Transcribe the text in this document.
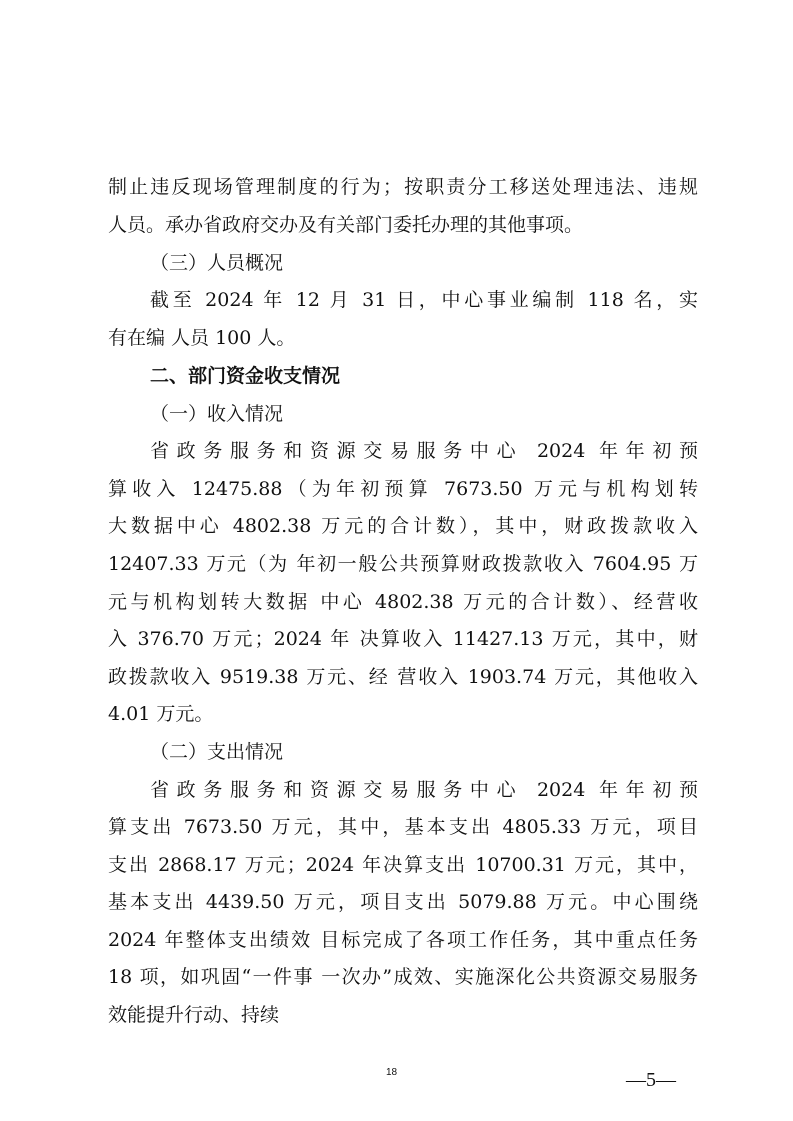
制止违反现场管理制度的行为；按职责分工移送处理违法、违规
人员。承办省政府交办及有关部门委托办理的其他事项。
（三）人员概况
截至 2024 年 12 月 31 日，中心事业编制 118 名，实
有在编 人员 100 人。
二、部门资金收支情况
（一）收入情况
省政务服务和资源交易服务中心 2024 年年初预
算收入 12475.88（为年初预算 7673.50 万元与机构划转
大数据中心 4802.38 万元的合计数），其中，财政拨款收入
12407.33 万元（为 年初一般公共预算财政拨款收入 7604.95 万
元与机构划转大数据 中心 4802.38 万元的合计数）、经营收
入 376.70 万元；2024 年 决算收入 11427.13 万元，其中，财
政拨款收入 9519.38 万元、经 营收入 1903.74 万元，其他收入
4.01 万元。
（二）支出情况
省政务服务和资源交易服务中心 2024 年年初预
算支出 7673.50 万元，其中，基本支出 4805.33 万元，项目
支出 2868.17 万元；2024 年决算支出 10700.31 万元，其中，
基本支出 4439.50 万元，项目支出 5079.88 万元。中心围绕
2024 年整体支出绩效 目标完成了各项工作任务，其中重点任务
18 项，如巩固“一件事 一次办”成效、实施深化公共资源交易服务
效能提升行动、持续
18	—5—
